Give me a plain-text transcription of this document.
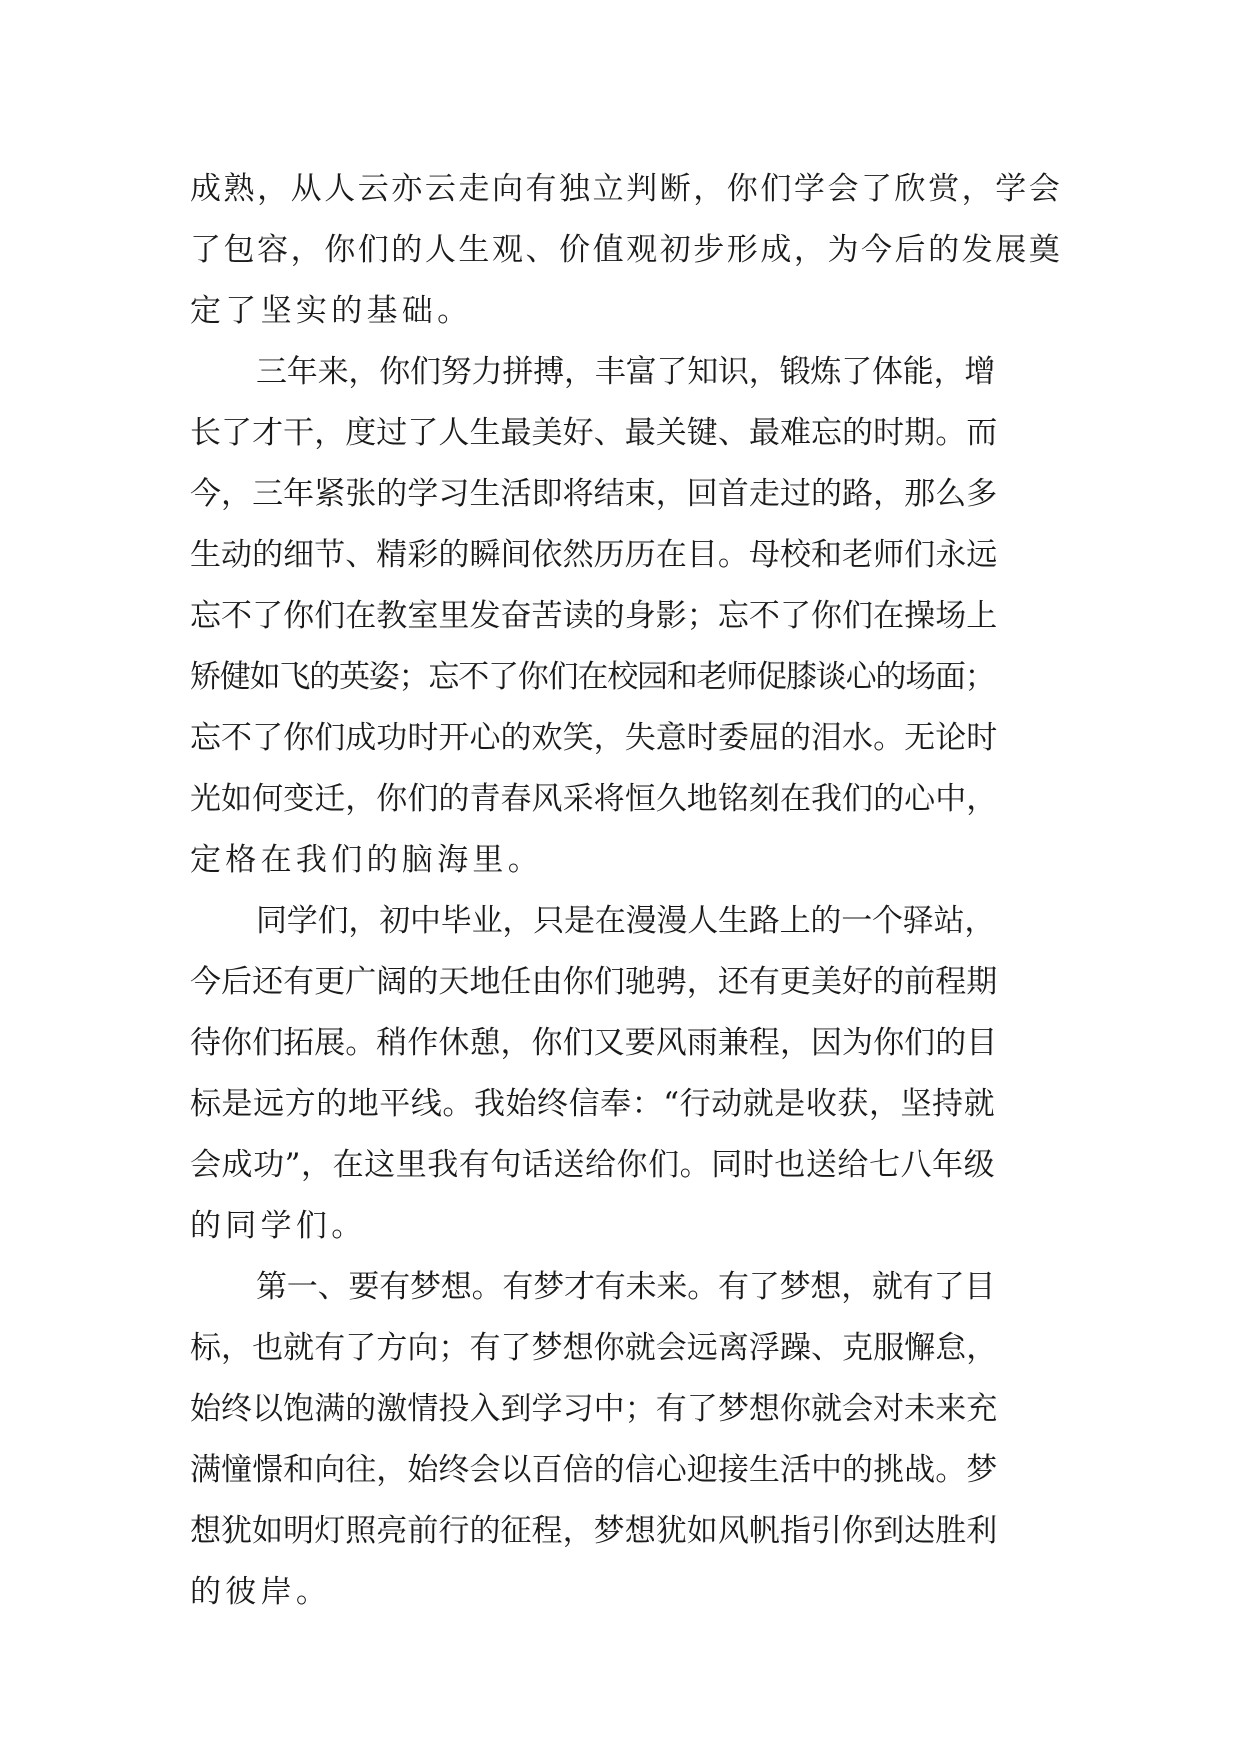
成熟，从人云亦云走向有独立判断，你们学会了欣赏，学会
了包容，你们的人生观、价值观初步形成，为今后的发展奠
定了坚实的基础。
三年来，你们努力拼搏，丰富了知识，锻炼了体能，增
长了才干，度过了人生最美好、最关键、最难忘的时期。而
今，三年紧张的学习生活即将结束，回首走过的路，那么多
生动的细节、精彩的瞬间依然历历在目。母校和老师们永远
忘不了你们在教室里发奋苦读的身影；忘不了你们在操场上
矫健如飞的英姿；忘不了你们在校园和老师促膝谈心的场面；
忘不了你们成功时开心的欢笑，失意时委屈的泪水。无论时
光如何变迁，你们的青春风采将恒久地铭刻在我们的心中，
定格在我们的脑海里。
同学们，初中毕业，只是在漫漫人生路上的一个驿站，
今后还有更广阔的天地任由你们驰骋，还有更美好的前程期
待你们拓展。稍作休憩，你们又要风雨兼程，因为你们的目
标是远方的地平线。我始终信奉：“行动就是收获，坚持就
会成功”，在这里我有句话送给你们。同时也送给七八年级
的同学们。
第一、要有梦想。有梦才有未来。有了梦想，就有了目
标，也就有了方向；有了梦想你就会远离浮躁、克服懈怠，
始终以饱满的激情投入到学习中；有了梦想你就会对未来充
满憧憬和向往，始终会以百倍的信心迎接生活中的挑战。梦
想犹如明灯照亮前行的征程，梦想犹如风帆指引你到达胜利
的彼岸。
